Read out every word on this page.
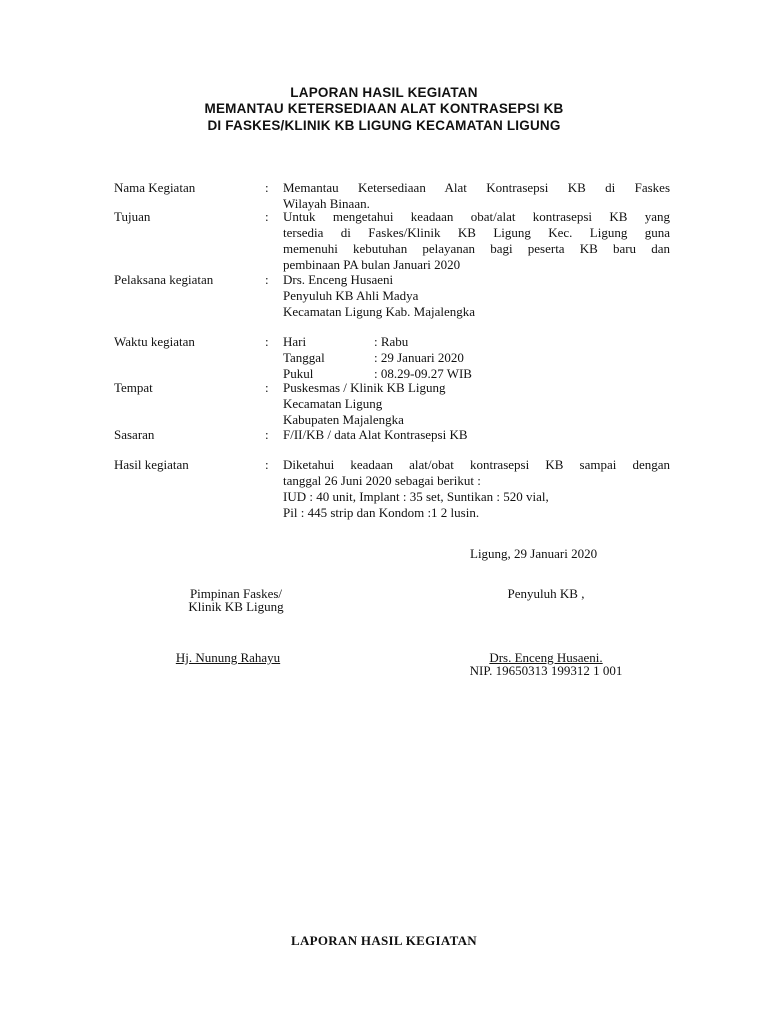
LAPORAN HASIL KEGIATAN
MEMANTAU KETERSEDIAAN ALAT KONTRASEPSI KB
DI FASKES/KLINIK KB LIGUNG KECAMATAN LIGUNG
Nama Kegiatan	: Memantau Ketersediaan Alat Kontrasepsi KB di Faskes
Wilayah Binaan.
Tujuan	: Untuk mengetahui keadaan obat/alat kontrasepsi KB yang
tersedia di Faskes/Klinik KB Ligung Kec. Ligung guna
memenuhi kebutuhan pelayanan bagi peserta KB baru dan
pembinaan PA bulan Januari 2020
Pelaksana kegiatan	: Drs. Enceng Husaeni
Penyuluh KB Ahli Madya
Kecamatan Ligung Kab. Majalengka
Waktu kegiatan	: Hari	: Rabu
Tanggal	: 29 Januari 2020
Pukul	: 08.29-09.27 WIB
Tempat	: Puskesmas / Klinik KB Ligung
Kecamatan Ligung
Kabupaten Majalengka
Sasaran	: F/II/KB / data Alat Kontrasepsi KB
Hasil kegiatan	: Diketahui keadaan alat/obat kontrasepsi KB sampai dengan
tanggal 26 Juni 2020 sebagai berikut :
IUD : 40 unit, Implant : 35 set, Suntikan : 520 vial,
Pil : 445 strip dan Kondom :1 2 lusin.
Ligung, 29 Januari 2020
Pimpinan Faskes/
Klinik KB Ligung
Penyuluh KB ,
Hj. Nunung Rahayu	Drs. Enceng Husaeni.
NIP. 19650313 199312 1 001
LAPORAN HASIL KEGIATAN
